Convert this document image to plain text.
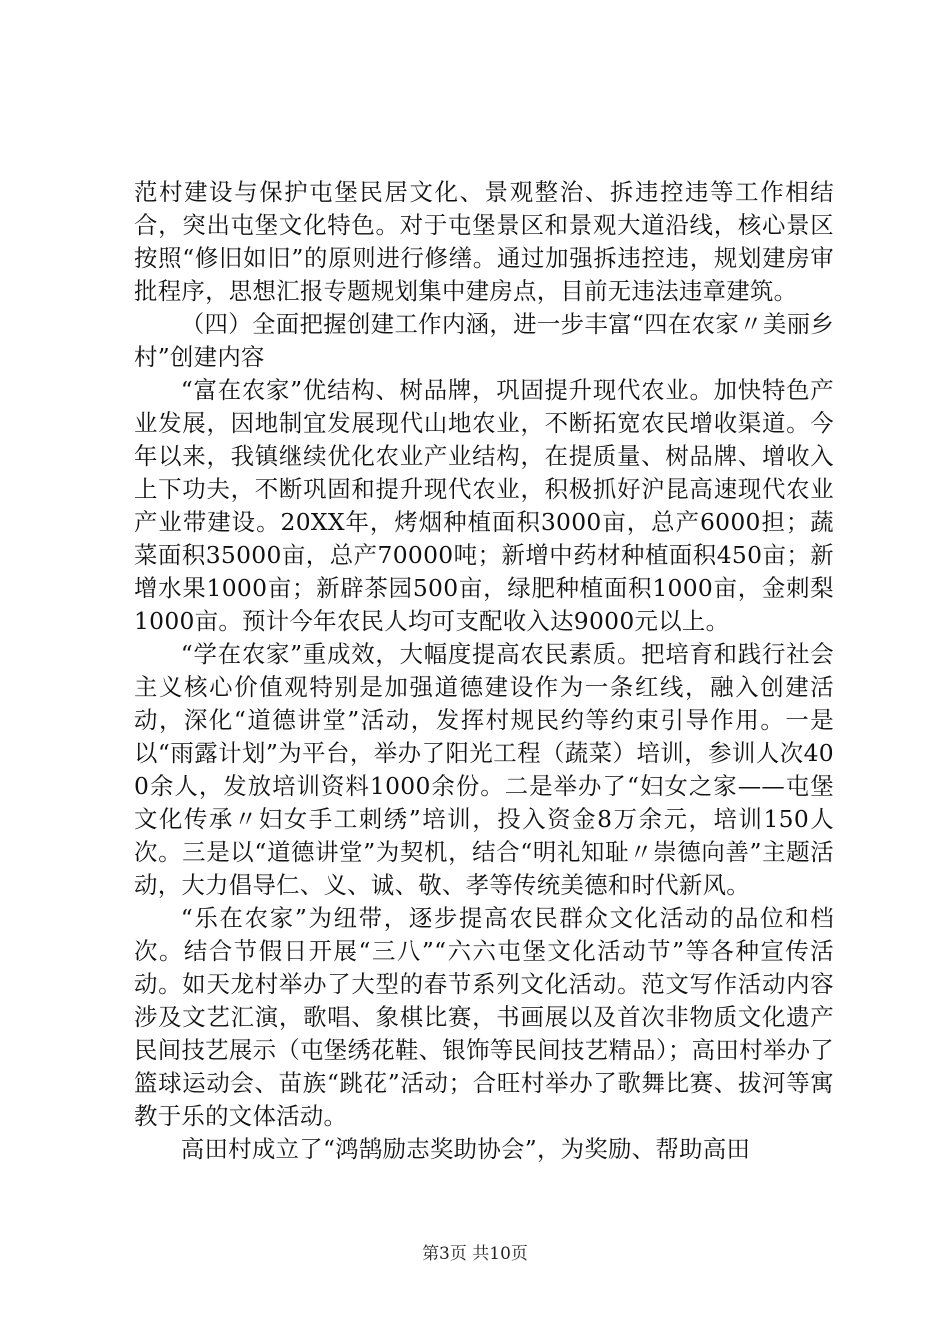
范村建设与保护屯堡民居文化、景观整治、拆违控违等工作相结合，突出屯堡文化特色。对于屯堡景区和景观大道沿线，核心景区按照“修旧如旧”的原则进行修缮。通过加强拆违控违，规划建房审批程序，思想汇报专题规划集中建房点，目前无违法违章建筑。

（四）全面把握创建工作内涵，进一步丰富“四在农家〃美丽乡村”创建内容

“富在农家”优结构、树品牌，巩固提升现代农业。加快特色产业发展，因地制宜发展现代山地农业，不断拓宽农民增收渠道。今年以来，我镇继续优化农业产业结构，在提质量、树品牌、增收入上下功夫，不断巩固和提升现代农业，积极抓好沪昆高速现代农业产业带建设。20XX年，烤烟种植面积3000亩，总产6000担；蔬菜面积35000亩，总产70000吨；新增中药材种植面积450亩；新增水果1000亩；新辟茶园500亩，绿肥种植面积1000亩，金刺梨1000亩。预计今年农民人均可支配收入达9000元以上。

“学在农家”重成效，大幅度提高农民素质。把培育和践行社会主义核心价值观特别是加强道德建设作为一条红线，融入创建活动，深化“道德讲堂”活动，发挥村规民约等约束引导作用。一是以“雨露计划”为平台，举办了阳光工程（蔬菜）培训，参训人次400余人，发放培训资料1000余份。二是举办了“妇女之家——屯堡文化传承〃妇女手工刺绣”培训，投入资金8万余元，培训150人次。三是以“道德讲堂”为契机，结合“明礼知耻〃崇德向善”主题活动，大力倡导仁、义、诚、敬、孝等传统美德和时代新风。

“乐在农家”为纽带，逐步提高农民群众文化活动的品位和档次。结合节假日开展“三八”“六六屯堡文化活动节”等各种宣传活动。如天龙村举办了大型的春节系列文化活动。范文写作活动内容涉及文艺汇演，歌唱、象棋比赛，书画展以及首次非物质文化遗产民间技艺展示（屯堡绣花鞋、银饰等民间技艺精品）；高田村举办了篮球运动会、苗族“跳花”活动；合旺村举办了歌舞比赛、拔河等寓教于乐的文体活动。

高田村成立了“鸿鹄励志奖助协会”，为奖励、帮助高田

第3页 共10页
